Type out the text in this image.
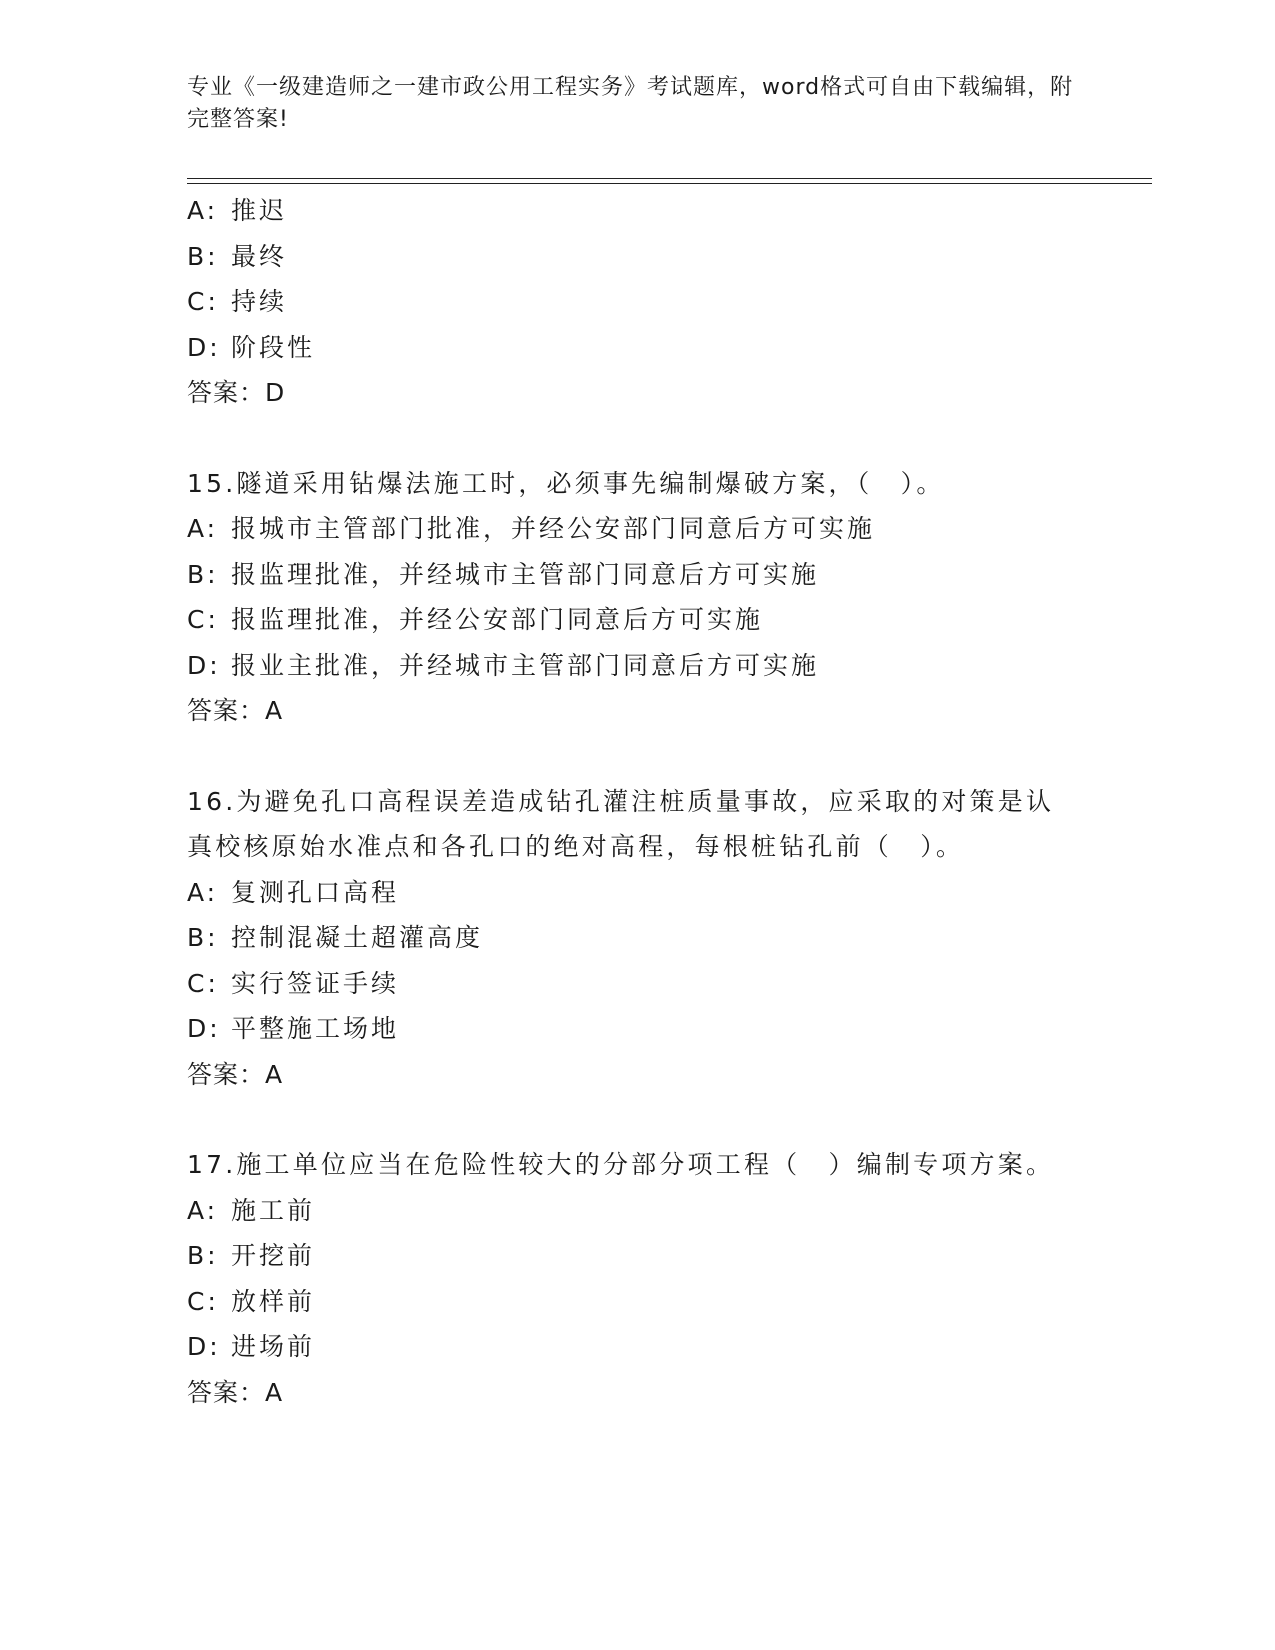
专业《一级建造师之一建市政公用工程实务》考试题库，word格式可自由下载编辑，附完整答案!
A: 推迟
B: 最终
C: 持续
D: 阶段性
答案：D
15.隧道采用钻爆法施工时，必须事先编制爆破方案，（　）。
A: 报城市主管部门批准，并经公安部门同意后方可实施
B: 报监理批准，并经城市主管部门同意后方可实施
C: 报监理批准，并经公安部门同意后方可实施
D: 报业主批准，并经城市主管部门同意后方可实施
答案：A
16.为避免孔口高程误差造成钻孔灌注桩质量事故，应采取的对策是认
真校核原始水准点和各孔口的绝对高程，每根桩钻孔前（　）。
A: 复测孔口高程
B: 控制混凝土超灌高度
C: 实行签证手续
D: 平整施工场地
答案：A
17.施工单位应当在危险性较大的分部分项工程（　）编制专项方案。
A: 施工前
B: 开挖前
C: 放样前
D: 进场前
答案：A
